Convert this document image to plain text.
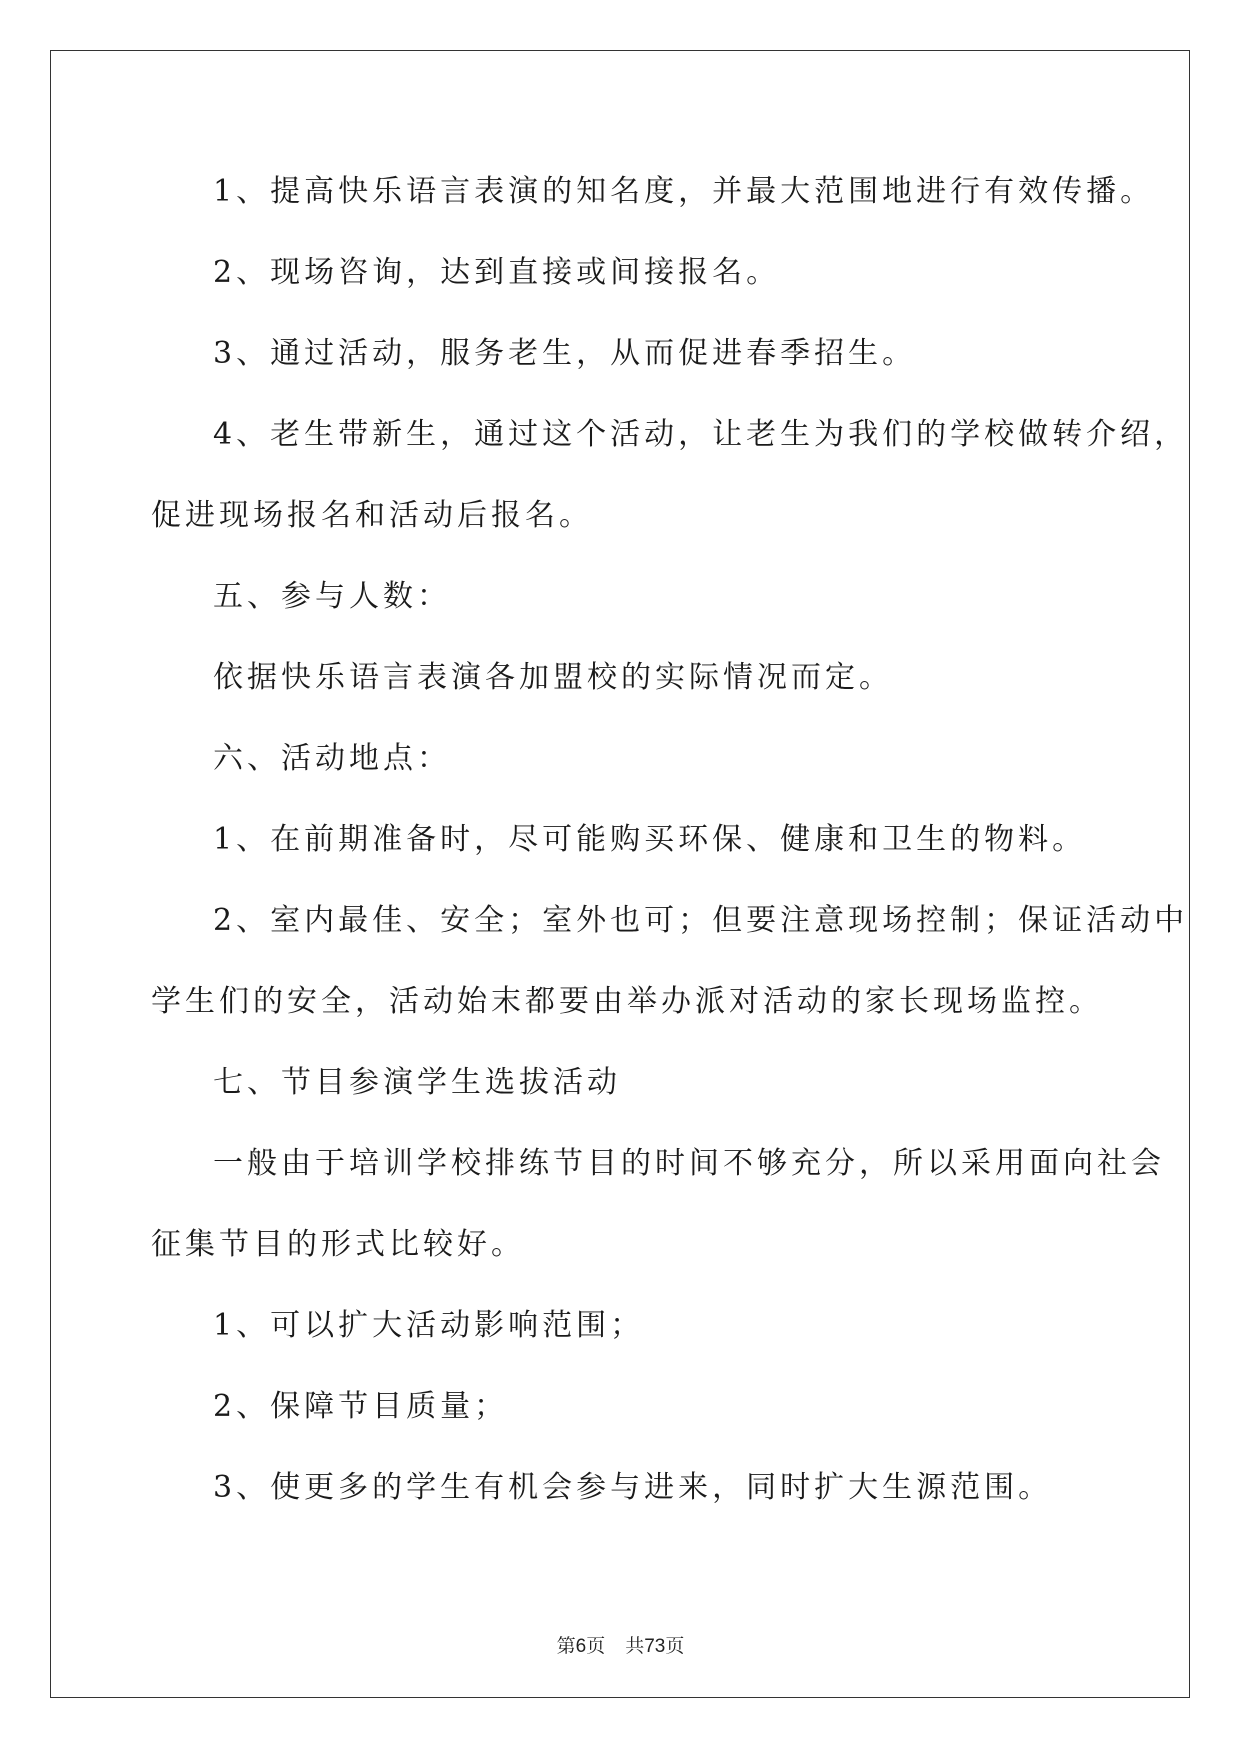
1、提高快乐语言表演的知名度，并最大范围地进行有效传播。

2、现场咨询，达到直接或间接报名。

3、通过活动，服务老生，从而促进春季招生。

4、老生带新生，通过这个活动，让老生为我们的学校做转介绍，

促进现场报名和活动后报名。

五、参与人数：

依据快乐语言表演各加盟校的实际情况而定。

六、活动地点：

1、在前期准备时，尽可能购买环保、健康和卫生的物料。

2、室内最佳、安全；室外也可；但要注意现场控制；保证活动中

学生们的安全，活动始末都要由举办派对活动的家长现场监控。

七、节目参演学生选拔活动

一般由于培训学校排练节目的时间不够充分，所以采用面向社会

征集节目的形式比较好。

1、可以扩大活动影响范围；

2、保障节目质量；

3、使更多的学生有机会参与进来，同时扩大生源范围。

第6页 共73页
